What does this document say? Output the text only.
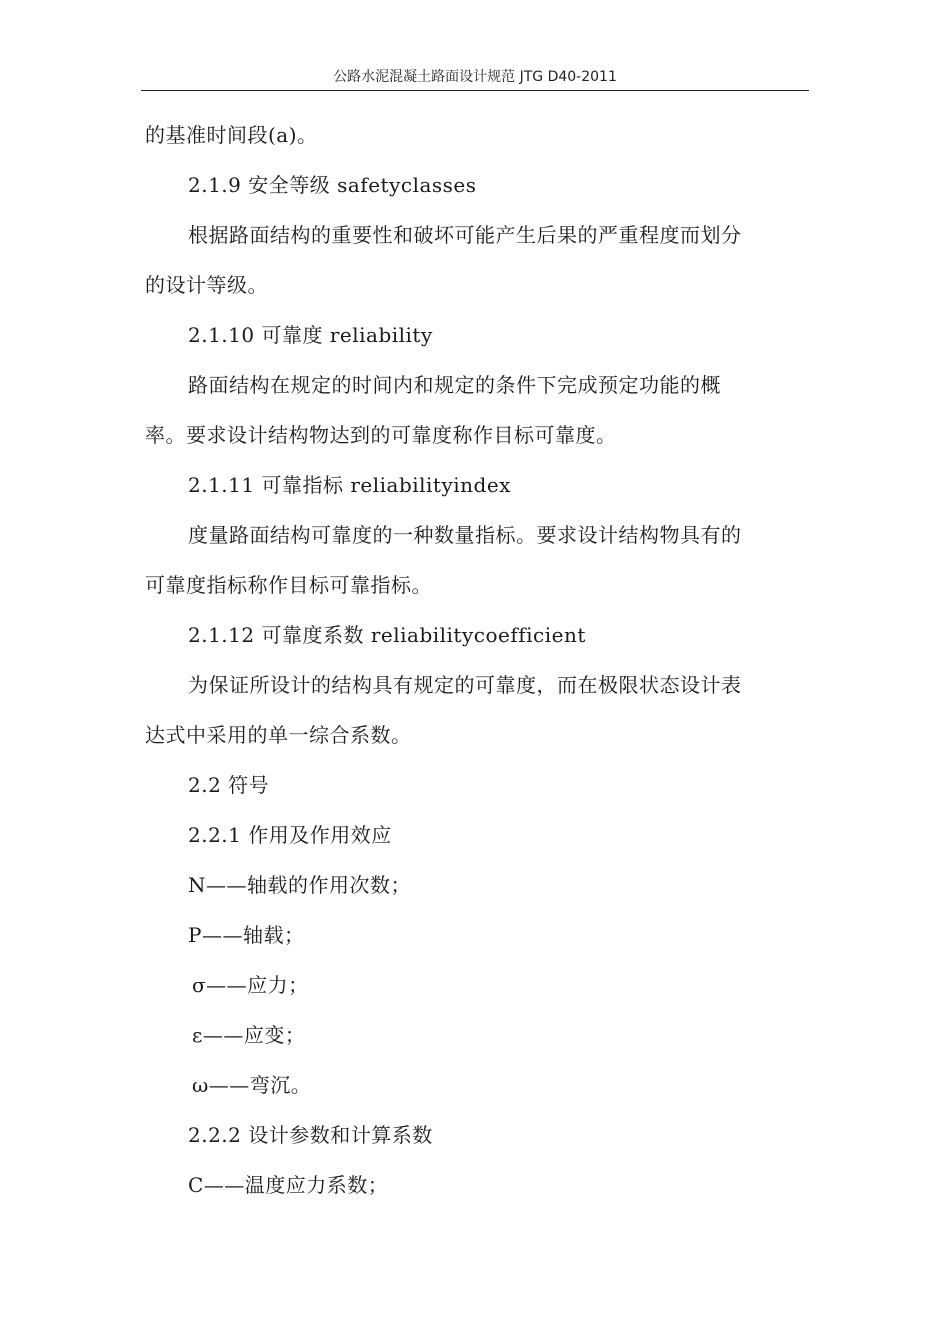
公路水泥混凝土路面设计规范 JTG D40-2011
的基准时间段(a)。
2.1.9 安全等级 safetyclasses
根据路面结构的重要性和破坏可能产生后果的严重程度而划分
的设计等级。
2.1.10 可靠度 reliability
路面结构在规定的时间内和规定的条件下完成预定功能的概
率。要求设计结构物达到的可靠度称作目标可靠度。
2.1.11 可靠指标 reliabilityindex
度量路面结构可靠度的一种数量指标。要求设计结构物具有的
可靠度指标称作目标可靠指标。
2.1.12 可靠度系数 reliabilitycoefficient
为保证所设计的结构具有规定的可靠度，而在极限状态设计表
达式中采用的单一综合系数。
2.2 符号
2.2.1 作用及作用效应
N——轴载的作用次数；
P——轴载；
σ——应力；
ε——应变；
ω——弯沉。
2.2.2 设计参数和计算系数
C——温度应力系数；
